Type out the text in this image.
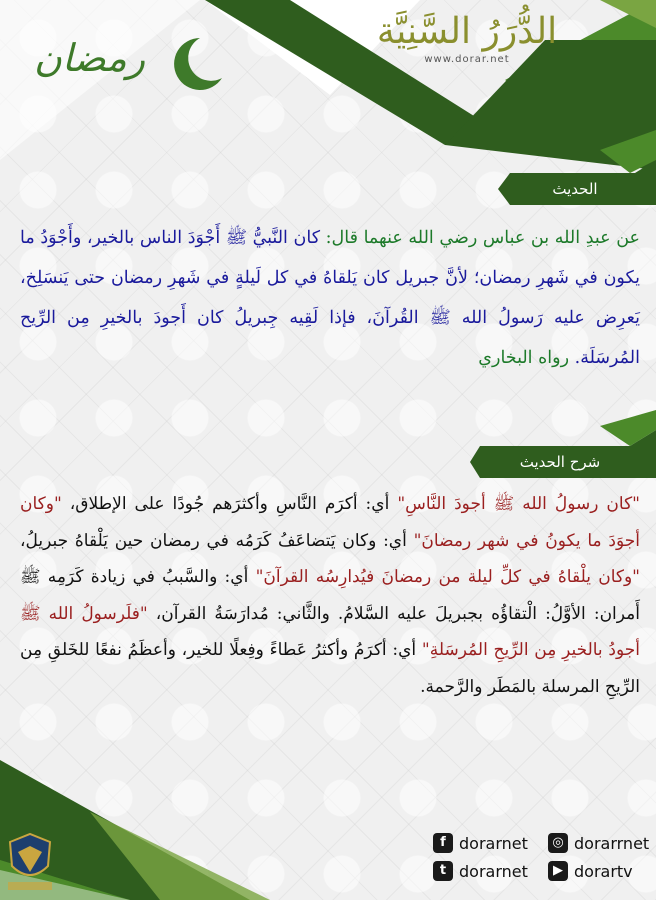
الدُّرَرُ السَّنِيَّة
www.dorar.net
رمضان
الحديث
شرح الحديث
عن عبدِ الله بن عباس رضي الله عنهما قال: كان النَّبيُّ ﷺ أَجْوَدَ الناس بالخير، وأَجْوَدُ ما يكون في شَهرِ رمضان؛ لأنَّ جبريل كان يَلقاهُ في كل لَيلةٍ في شَهرِ رمضان حتى يَنسَلِخ، يَعرِض عليه رَسولُ الله ﷺ القُرآنَ، فإذا لَقِيه جِبريلُ كان أَجودَ بالخيرِ مِن الرِّيح المُرسَلَة. رواه البخاري
"كان رسولُ الله ﷺ أجودَ النَّاسِ" أي: أكرَم النَّاسِ وأكثرَهم جُودًا على الإطلاق، "وكان أجوَدَ ما يكونُ في شهر رمضانَ" أي: وكان يَتضاعَفُ كَرَمُه في رمضان حين يَلْقاهُ جبريلُ، "وكان يلْقاهُ في كلِّ ليلة من رمضانَ فيُدارِسُه القرآنَ" أي: والسَّببُ في زيادة كَرَمِه ﷺ أَمران: الأوَّلُ: الْتقاؤُه بجبريلَ عليه السَّلامُ. والثَّاني: مُدارَسَةُ القرآن، "فلَرسولُ الله ﷺ أجودُ بالخيرِ مِن الرِّيحِ المُرسَلةِ" أي: أكرَمُ وأكثرُ عَطاءً وفِعلًا للخير، وأعظَمُ نفعًا للخَلقِ مِن الرِّيحِ المرسلة بالمَطَر والرَّحمة.
f dorarnet	◎ dorarrnet
t dorarnet	▶ dorartv
